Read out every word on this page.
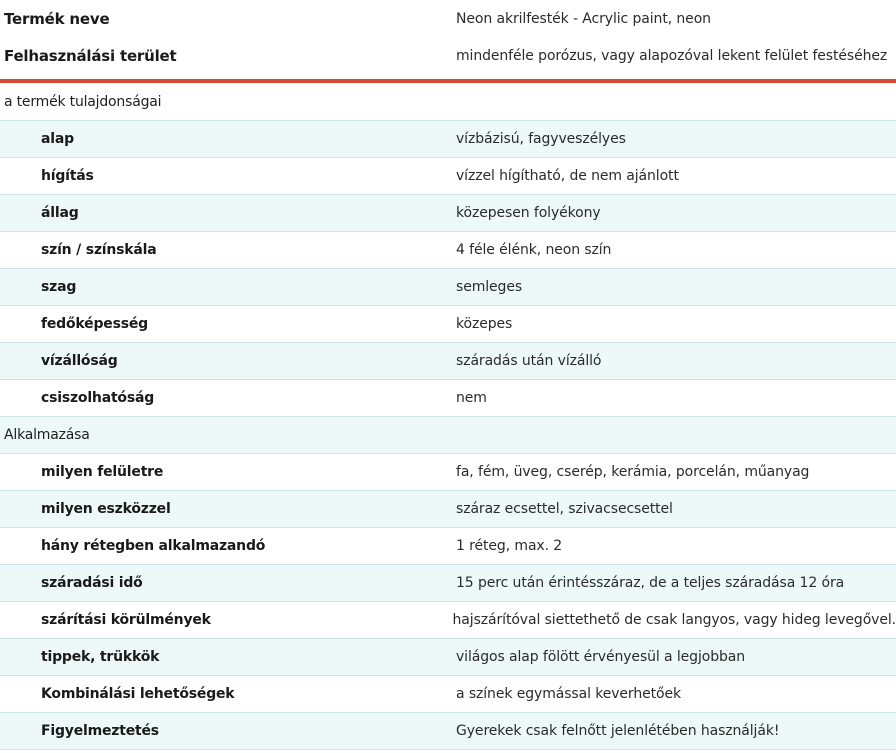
Termék neve	Neon akrilfesték - Acrylic paint, neon
Felhasználási terület	mindenféle porózus, vagy alapozóval lekent felület festéséhez
a termék tulajdonságai
alap	vízbázisú, fagyveszélyes
hígítás	vízzel hígítható, de nem ajánlott
állag	közepesen folyékony
szín / színskála	4 féle élénk, neon szín
szag	semleges
fedőképesség	közepes
vízállóság	száradás után vízálló
csiszolhatóság	nem
Alkalmazása
milyen felületre	fa, fém, üveg, cserép, kerámia, porcelán, műanyag
milyen eszközzel	száraz ecsettel, szivacsecsettel
hány rétegben alkalmazandó	1 réteg, max. 2
száradási idő	15 perc után érintésszáraz, de a teljes száradása 12 óra
szárítási körülmények	hajszárítóval siettethető de csak langyos, vagy hideg levegővel.
tippek, trükkök	világos alap fölött érvényesül a legjobban
Kombinálási lehetőségek	a színek egymással keverhetőek
Figyelmeztetés	Gyerekek csak felnőtt jelenlétében használják!
